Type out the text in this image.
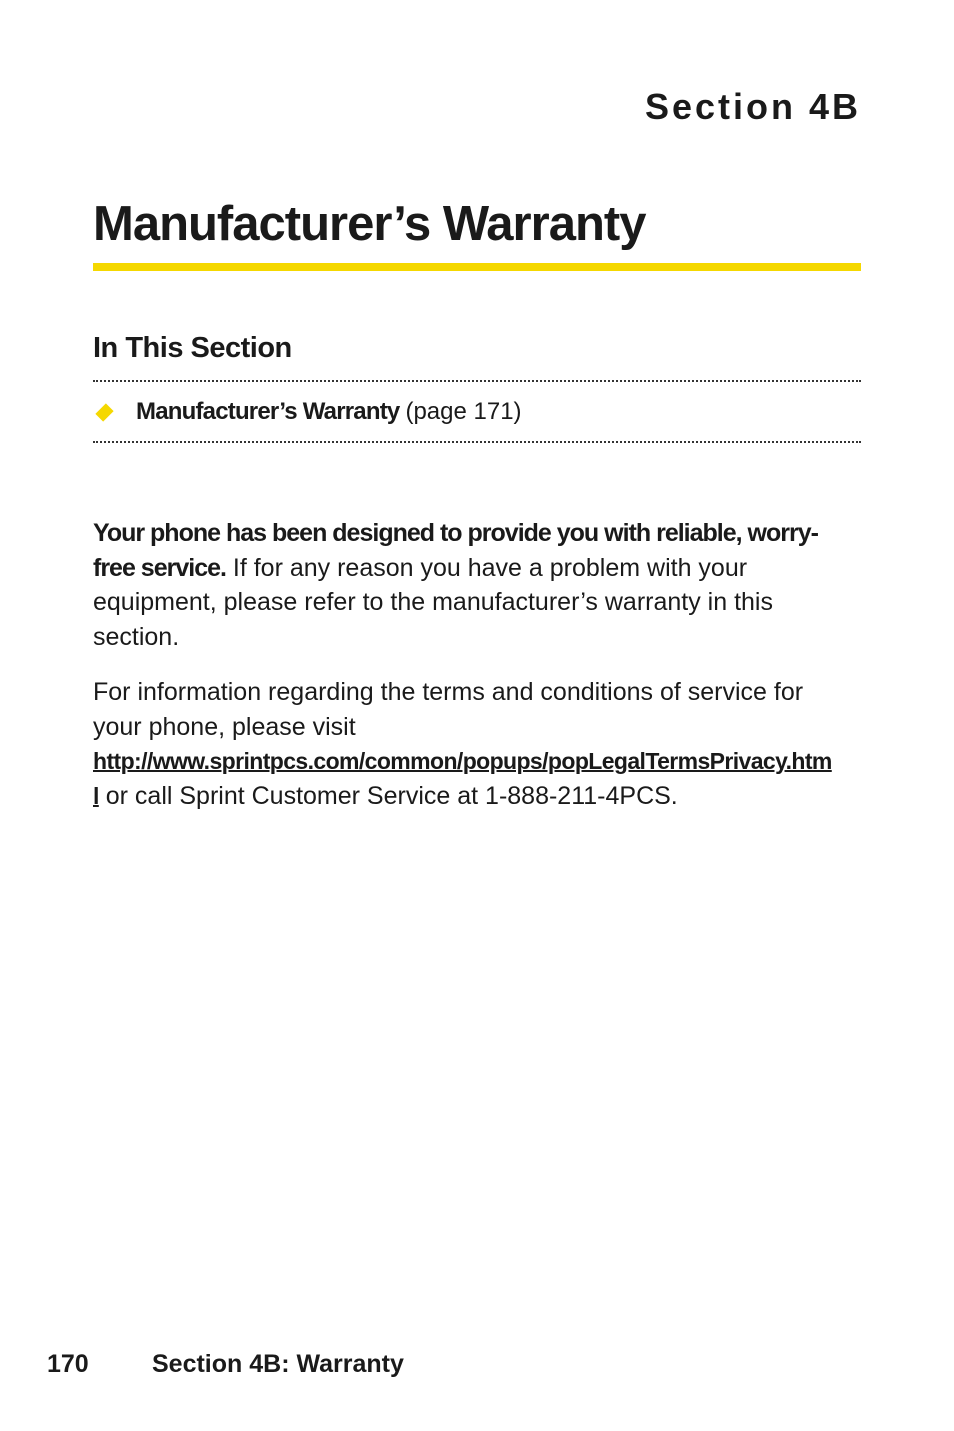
Section 4B
Manufacturer’s Warranty
In This Section
Manufacturer’s Warranty (page 171)

Your phone has been designed to provide you with reliable, worry-free service. If for any reason you have a problem with your equipment, please refer to the manufacturer’s warranty in this section.

For information regarding the terms and conditions of service for your phone, please visit http://www.sprintpcs.com/common/popups/popLegalTermsPrivacy.html or call Sprint Customer Service at 1-888-211-4PCS.

170	Section 4B: Warranty
